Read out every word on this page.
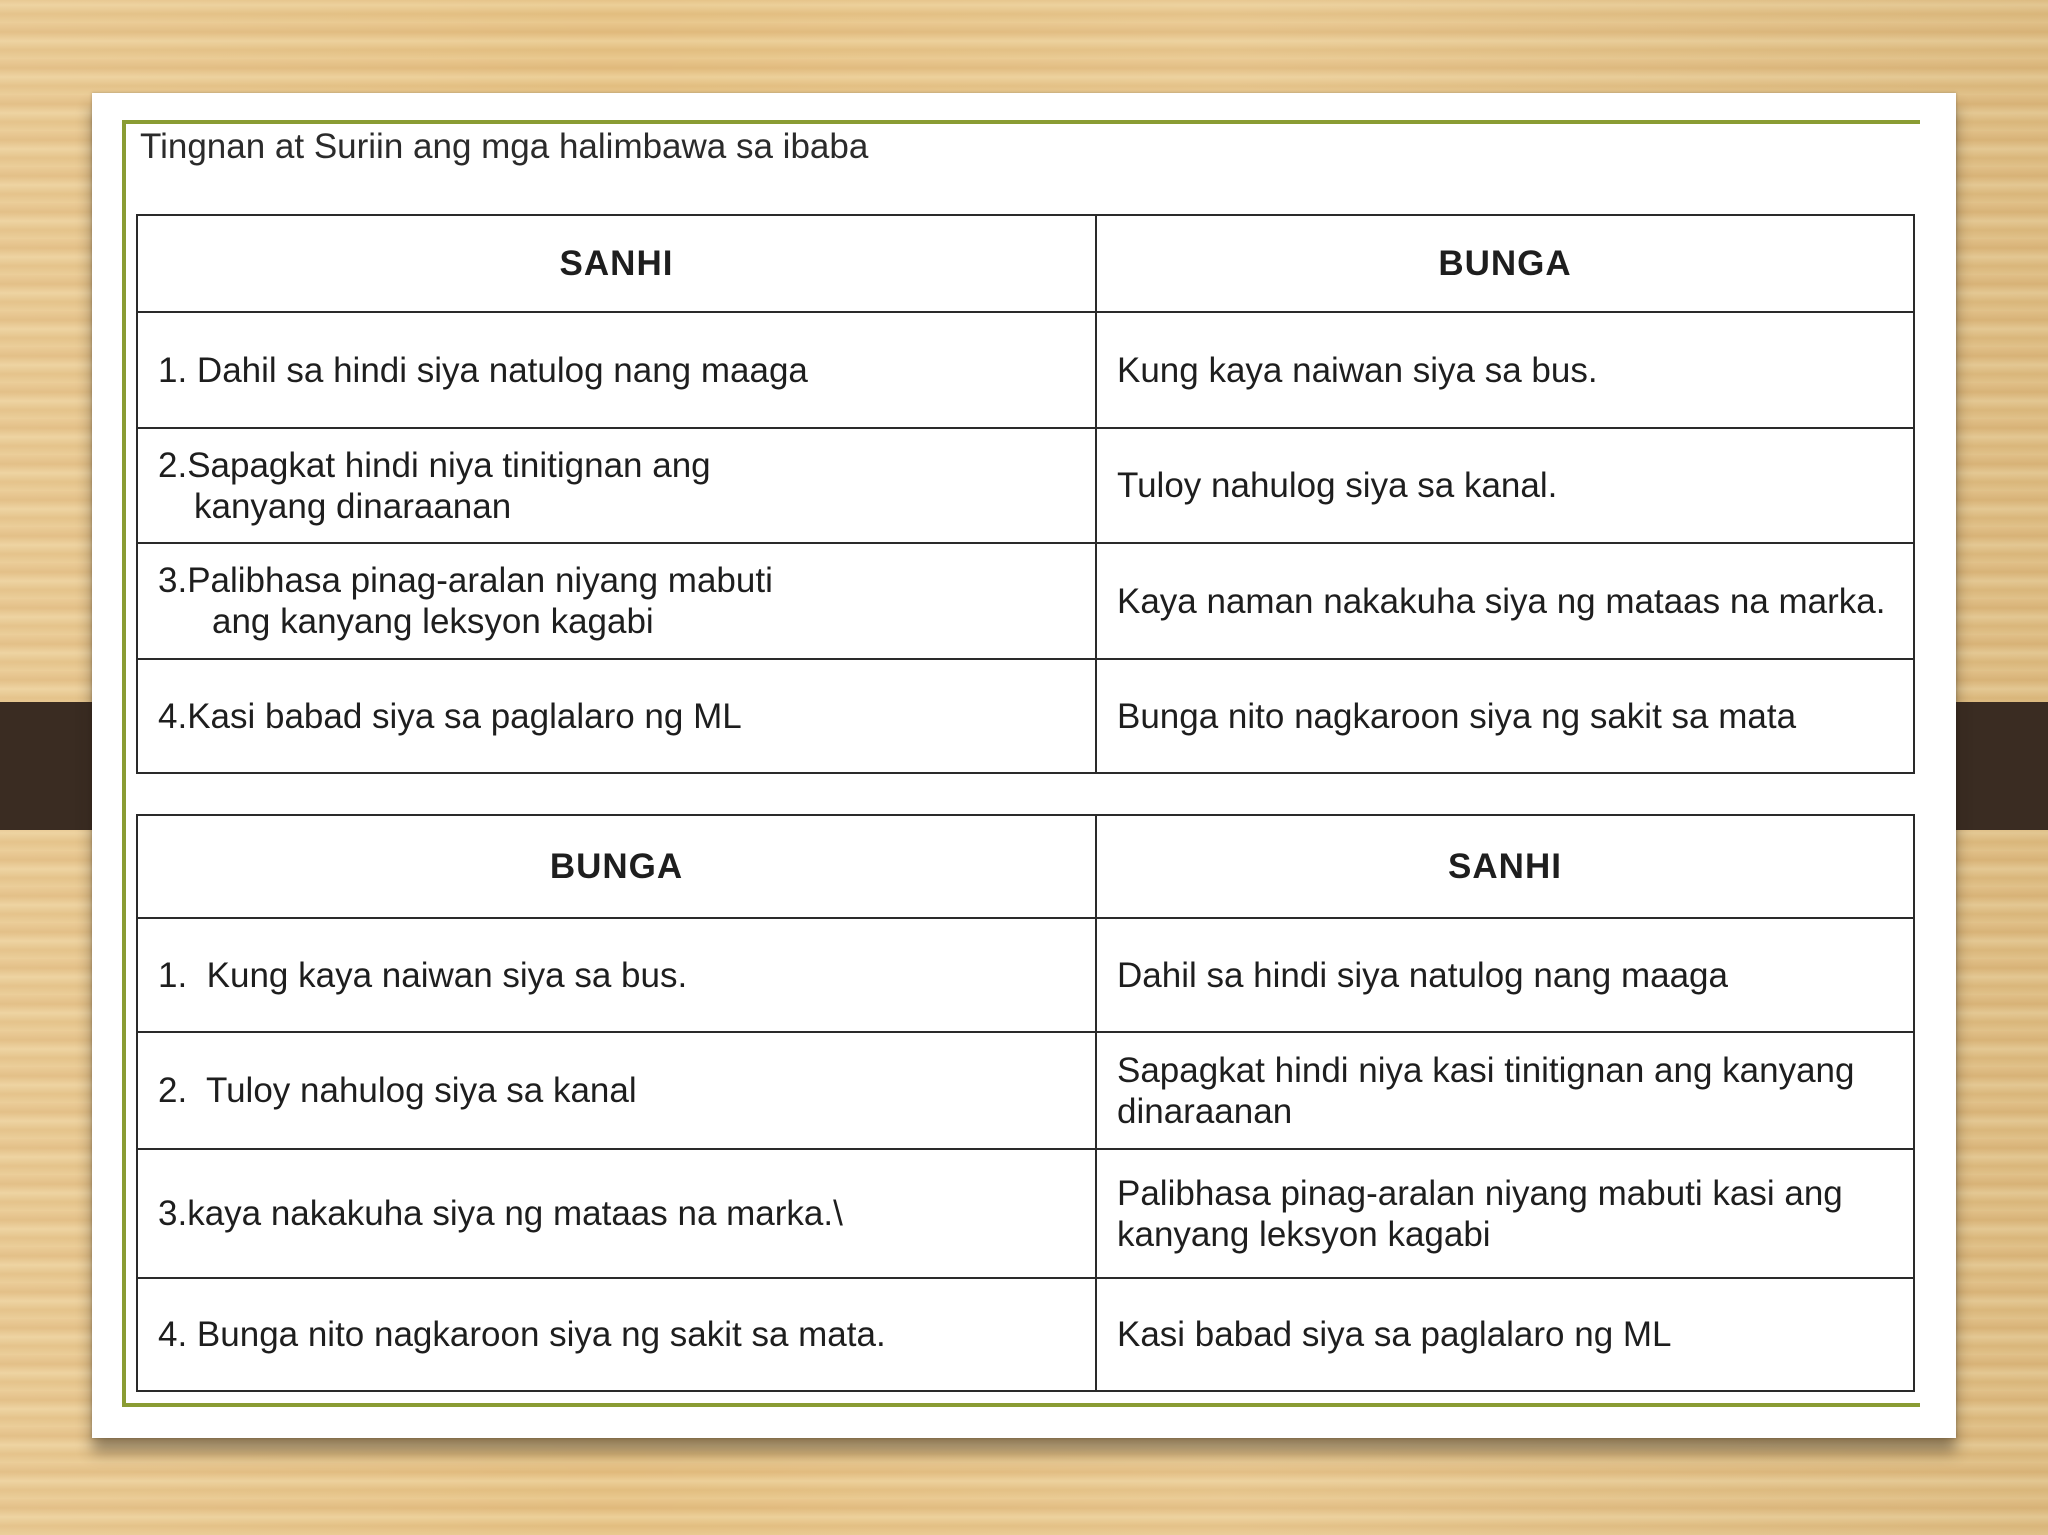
Tingnan at Suriin ang mga halimbawa sa ibaba
SANHI	BUNGA
1. Dahil sa hindi siya natulog nang maaga	Kung kaya naiwan siya sa bus.
2.Sapagkat hindi niya tinitignan ang
kanyang dinaraanan	Tuloy nahulog siya sa kanal.
3.Palibhasa pinag-aralan niyang mabuti
ang kanyang leksyon kagabi	Kaya naman nakakuha siya ng mataas na marka.
4.Kasi babad siya sa paglalaro ng ML	Bunga nito nagkaroon siya ng sakit sa mata
BUNGA	SANHI
1.  Kung kaya naiwan siya sa bus.	Dahil sa hindi siya natulog nang maaga
2.  Tuloy nahulog siya sa kanal	Sapagkat hindi niya kasi tinitignan ang kanyang dinaraanan
3.kaya nakakuha siya ng mataas na marka.\	Palibhasa pinag-aralan niyang mabuti kasi ang kanyang leksyon kagabi
4. Bunga nito nagkaroon siya ng sakit sa mata.	Kasi babad siya sa paglalaro ng ML
